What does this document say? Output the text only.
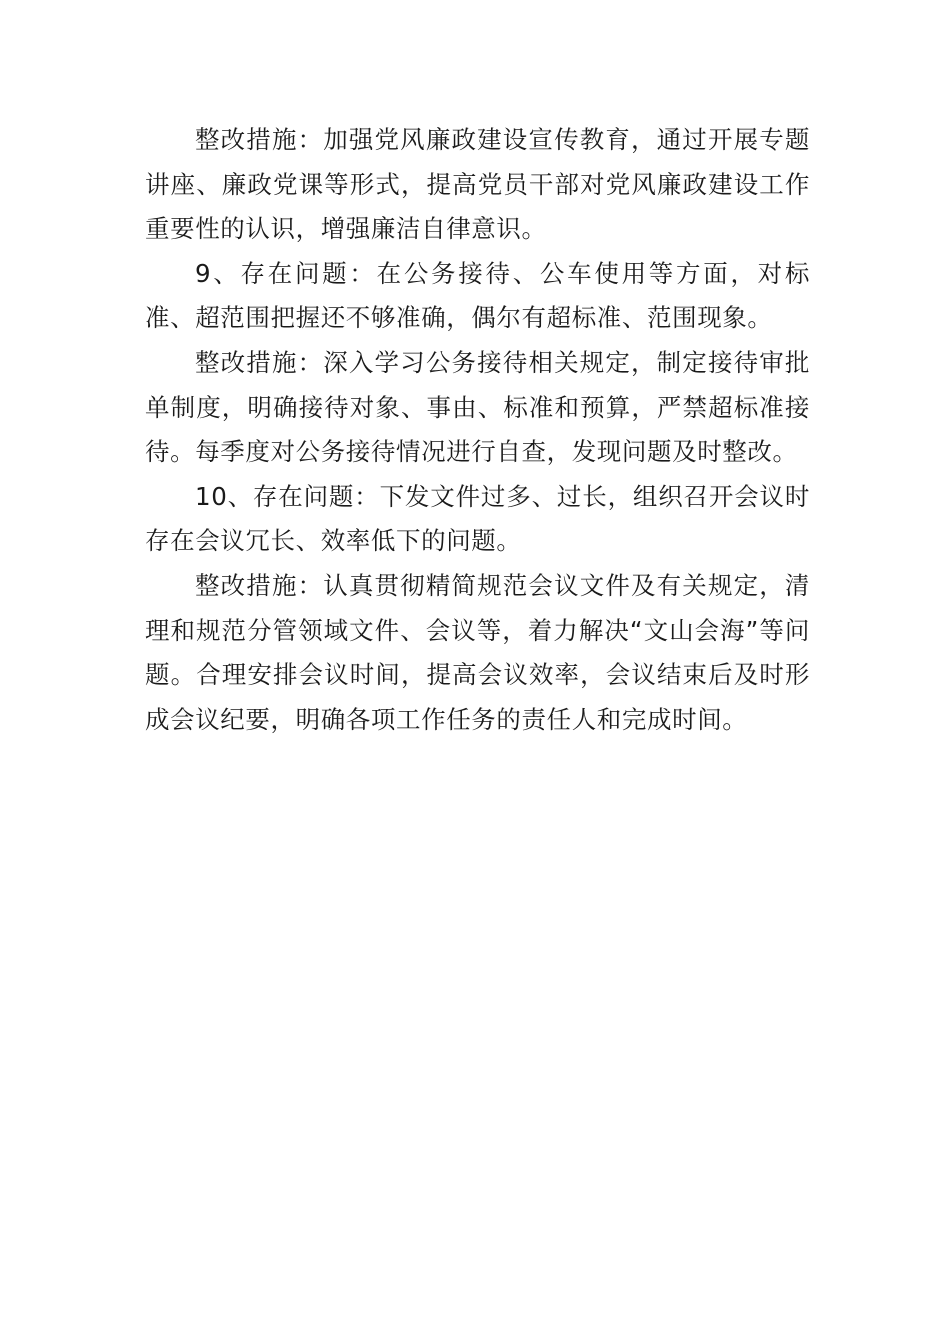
整改措施：加强党风廉政建设宣传教育，通过开展专题讲座、廉政党课等形式，提高党员干部对党风廉政建设工作重要性的认识，增强廉洁自律意识。

9、存在问题：在公务接待、公车使用等方面，对标准、超范围把握还不够准确，偶尔有超标准、范围现象。

整改措施：深入学习公务接待相关规定，制定接待审批单制度，明确接待对象、事由、标准和预算，严禁超标准接待。每季度对公务接待情况进行自查，发现问题及时整改。

10、存在问题：下发文件过多、过长，组织召开会议时存在会议冗长、效率低下的问题。

整改措施：认真贯彻精简规范会议文件及有关规定，清理和规范分管领域文件、会议等，着力解决“文山会海”等问题。合理安排会议时间，提高会议效率，会议结束后及时形成会议纪要，明确各项工作任务的责任人和完成时间。
